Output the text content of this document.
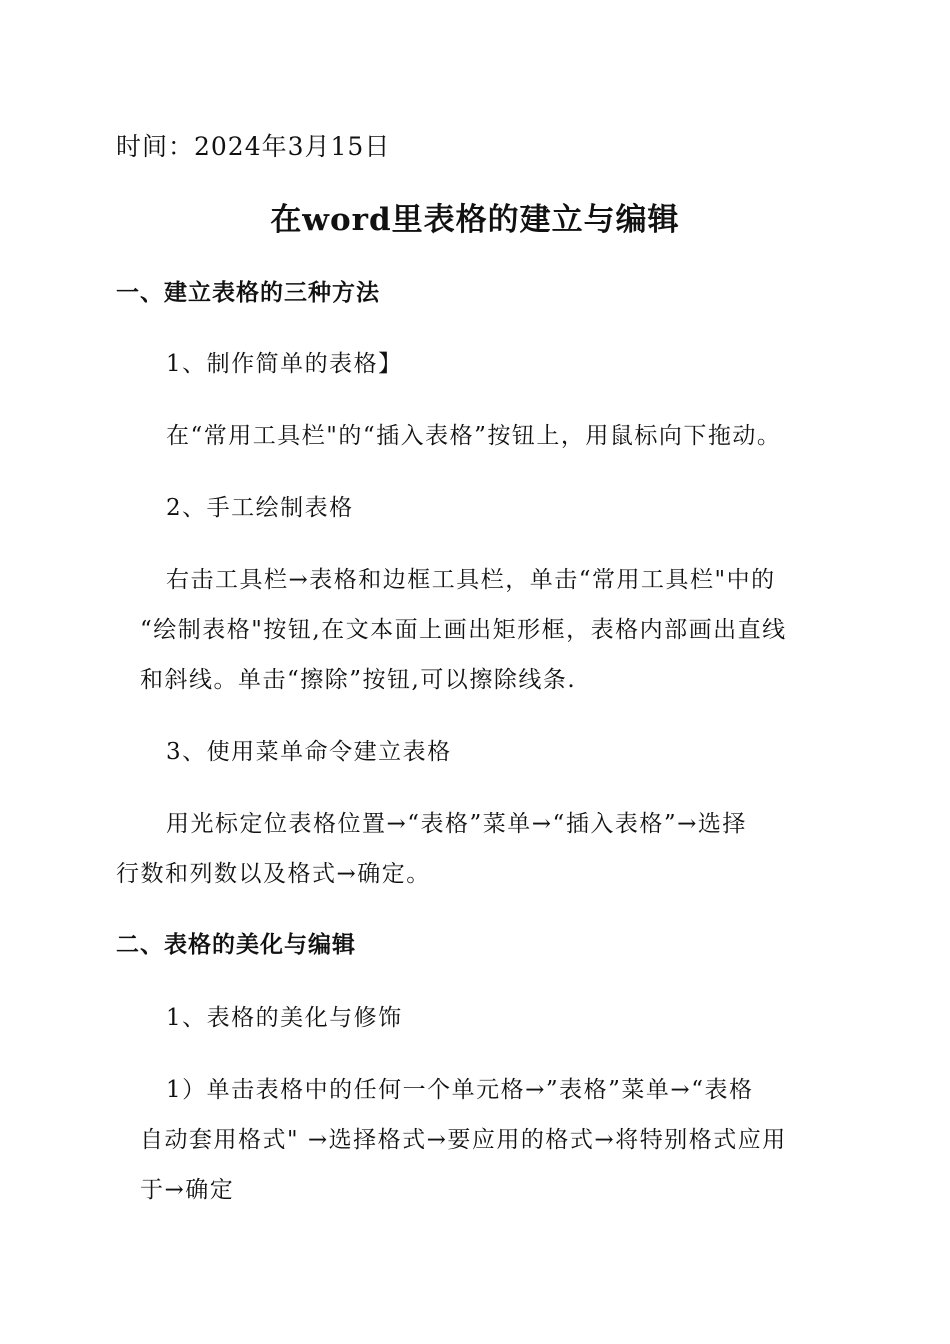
时间：2024年3月15日
在word里表格的建立与编辑
一、建立表格的三种方法
1、制作简单的表格】
在“常用工具栏"的“插入表格”按钮上，用鼠标向下拖动。
2、手工绘制表格
右击工具栏→表格和边框工具栏，单击“常用工具栏"中的
“绘制表格"按钮,在文本面上画出矩形框，表格内部画出直线
和斜线。单击“擦除”按钮,可以擦除线条.
3、使用菜单命令建立表格
用光标定位表格位置→“表格”菜单→“插入表格”→选择
行数和列数以及格式→确定。
二、表格的美化与编辑
1、表格的美化与修饰
1）单击表格中的任何一个单元格→”表格”菜单→“表格
自动套用格式" →选择格式→要应用的格式→将特别格式应用
于→确定
